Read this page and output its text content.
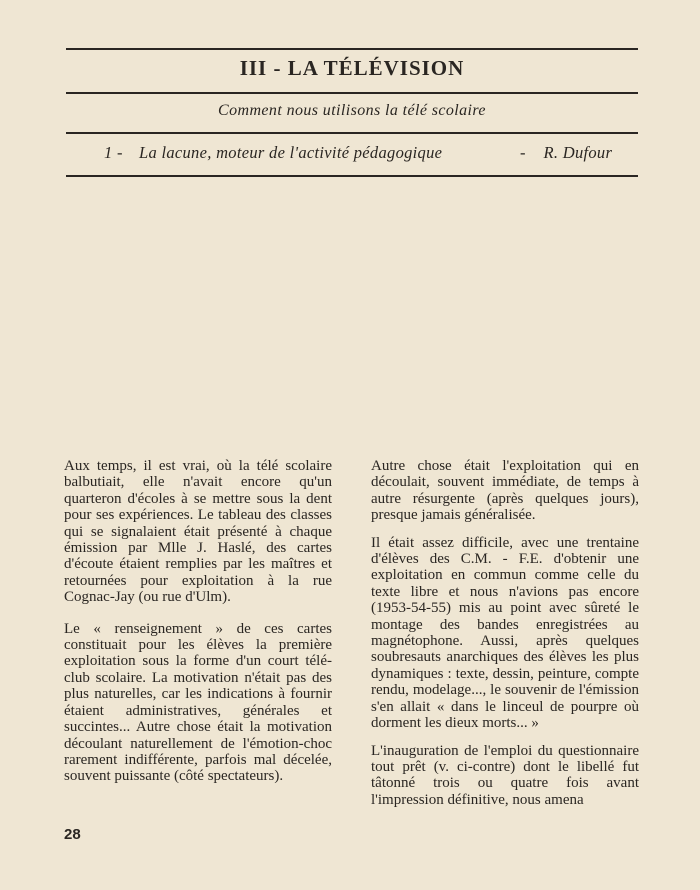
III - LA TÉLÉVISION
Comment nous utilisons la télé scolaire
1 - La lacune, moteur de l'activité pédagogique	- R. Dufour

Aux temps, il est vrai, où la télé scolaire balbutiait, elle n'avait encore qu'un quarteron d'écoles à se mettre sous la dent pour ses expériences. Le tableau des classes qui se signalaient était présenté à chaque émission par Mlle J. Haslé, des cartes d'écoute étaient remplies par les maîtres et retournées pour exploitation à la rue Cognac-Jay (ou rue d'Ulm).

Le « renseignement » de ces cartes constituait pour les élèves la première exploitation sous la forme d'un court télé-club scolaire. La motivation n'était pas des plus naturelles, car les indications à fournir étaient administratives, générales et succintes... Autre chose était la motivation découlant naturellement de l'émotion-choc rarement indifférente, parfois mal décelée, souvent puissante (côté spectateurs).

Autre chose était l'exploitation qui en découlait, souvent immédiate, de temps à autre résurgente (après quelques jours), presque jamais généralisée.

Il était assez difficile, avec une trentaine d'élèves des C.M. - F.E. d'obtenir une exploitation en commun comme celle du texte libre et nous n'avions pas encore (1953-54-55) mis au point avec sûreté le montage des bandes enregistrées au magnétophone. Aussi, après quelques soubresauts anarchiques des élèves les plus dynamiques : texte, dessin, peinture, compte rendu, modelage..., le souvenir de l'émission s'en allait « dans le linceul de pourpre où dorment les dieux morts... »

L'inauguration de l'emploi du questionnaire tout prêt (v. ci-contre) dont le libellé fut tâtonné trois ou quatre fois avant l'impression définitive, nous amena

28
